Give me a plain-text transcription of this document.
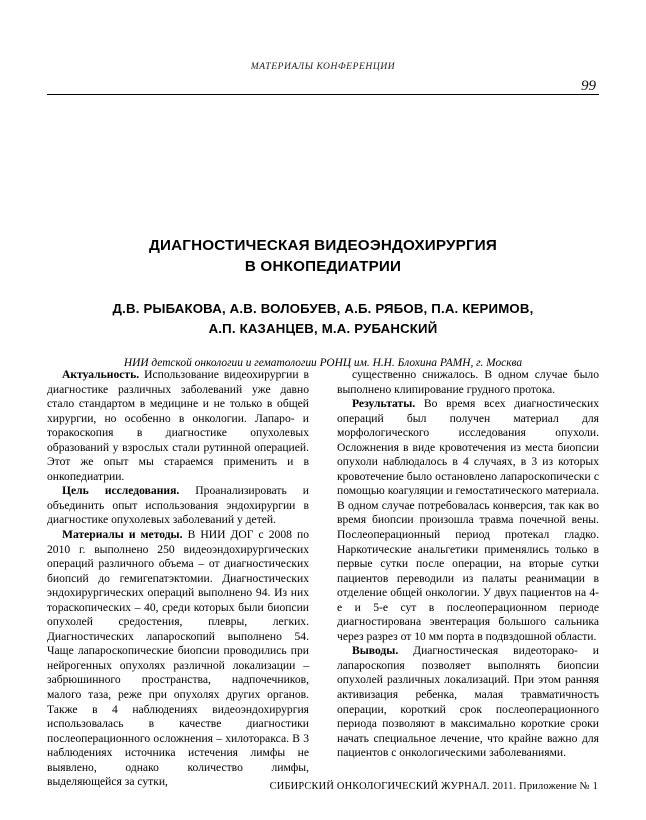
МАТЕРИАЛЫ КОНФЕРЕНЦИИ
99
ДИАГНОСТИЧЕСКАЯ ВИДЕОЭНДОХИРУРГИЯ
В ОНКОПЕДИАТРИИ
Д.В. РЫБАКОВА, А.В. ВОЛОБУЕВ, А.Б. РЯБОВ, П.А. КЕРИМОВ,
А.П. КАЗАНЦЕВ, М.А. РУБАНСКИЙ
НИИ детской онкологии и гематологии РОНЦ им. Н.Н. Блохина РАМН, г. Москва

Актуальность. Использование видеохирургии в диагностике различных заболеваний уже давно стало стандартом в медицине и не только в общей хирургии, но особенно в онкологии. Лапаро- и торакоскопия в диагностике опухолевых образований у взрослых стали рутинной операцией. Этот же опыт мы стараемся применить и в онкопедиатрии.

Цель исследования. Проанализировать и объединить опыт использования эндохирургии в диагностике опухолевых заболеваний у детей.

Материалы и методы. В НИИ ДОГ с 2008 по 2010 г. выполнено 250 видеоэндохирургических операций различного объема – от диагностических биопсий до гемигепатэктомии. Диагностических эндохирургических операций выполнено 94. Из них тораскопических – 40, среди которых были биопсии опухолей средостения, плевры, легких. Диагностических лапароскопий выполнено 54. Чаще лапароскопические биопсии проводились при нейрогенных опухолях различной локализации – забрюшинного пространства, надпочечников, малого таза, реже при опухолях других органов. Также в 4 наблюдениях видеоэндохирургия использовалась в качестве диагностики послеоперационного осложнения – хилоторакса. В 3 наблюдениях источника истечения лимфы не выявлено, однако количество лимфы, выделяющейся за сутки,

существенно снижалось. В одном случае было выполнено клипирование грудного протока.

Результаты. Во время всех диагностических операций был получен материал для морфологического исследования опухоли. Осложнения в виде кровотечения из места биопсии опухоли наблюдалось в 4 случаях, в 3 из которых кровотечение было остановлено лапароскопически с помощью коагуляции и гемостатического материала. В одном случае потребовалась конверсия, так как во время биопсии произошла травма почечной вены. Послеоперационный период протекал гладко. Наркотические анальгетики применялись только в первые сутки после операции, на вторые сутки пациентов переводили из палаты реанимации в отделение общей онкологии. У двух пациентов на 4-е и 5-е сут в послеоперационном периоде диагностирована эвентерация большого сальника через разрез от 10 мм порта в подвздошной области.

Выводы. Диагностическая видеоторако- и лапароскопия позволяет выполнять биопсии опухолей различных локализаций. При этом ранняя активизация ребенка, малая травматичность операции, короткий срок послеоперационного периода позволяют в максимально короткие сроки начать специальное лечение, что крайне важно для пациентов с онкологическими заболеваниями.

СИБИРСКИЙ ОНКОЛОГИЧЕСКИЙ ЖУРНАЛ. 2011. Приложение № 1
